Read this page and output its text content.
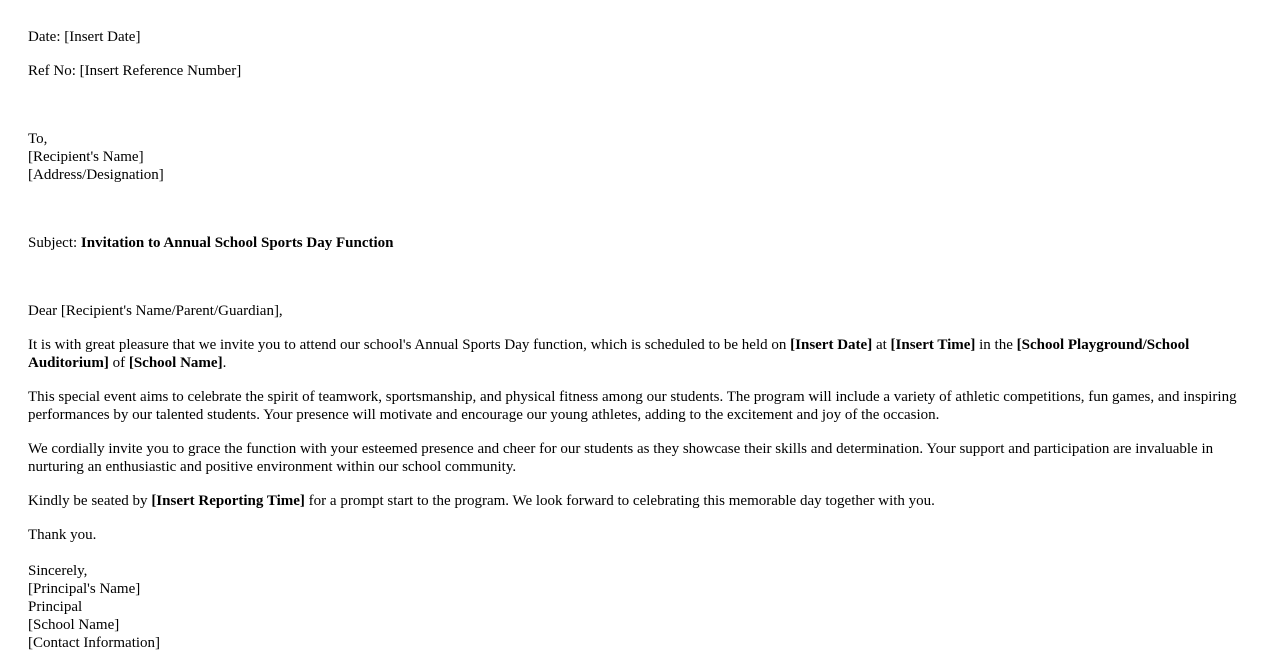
Date: [Insert Date]

Ref No: [Insert Reference Number]

To,
[Recipient's Name]
[Address/Designation]

Subject: Invitation to Annual School Sports Day Function

Dear [Recipient's Name/Parent/Guardian],

It is with great pleasure that we invite you to attend our school's Annual Sports Day function, which is scheduled to be held on [Insert Date] at [Insert Time] in the [School Playground/School Auditorium] of [School Name].

This special event aims to celebrate the spirit of teamwork, sportsmanship, and physical fitness among our students. The program will include a variety of athletic competitions, fun games, and inspiring performances by our talented students. Your presence will motivate and encourage our young athletes, adding to the excitement and joy of the occasion.

We cordially invite you to grace the function with your esteemed presence and cheer for our students as they showcase their skills and determination. Your support and participation are invaluable in nurturing an enthusiastic and positive environment within our school community.

Kindly be seated by [Insert Reporting Time] for a prompt start to the program. We look forward to celebrating this memorable day together with you.

Thank you.

Sincerely,
[Principal's Name]
Principal
[School Name]
[Contact Information]
